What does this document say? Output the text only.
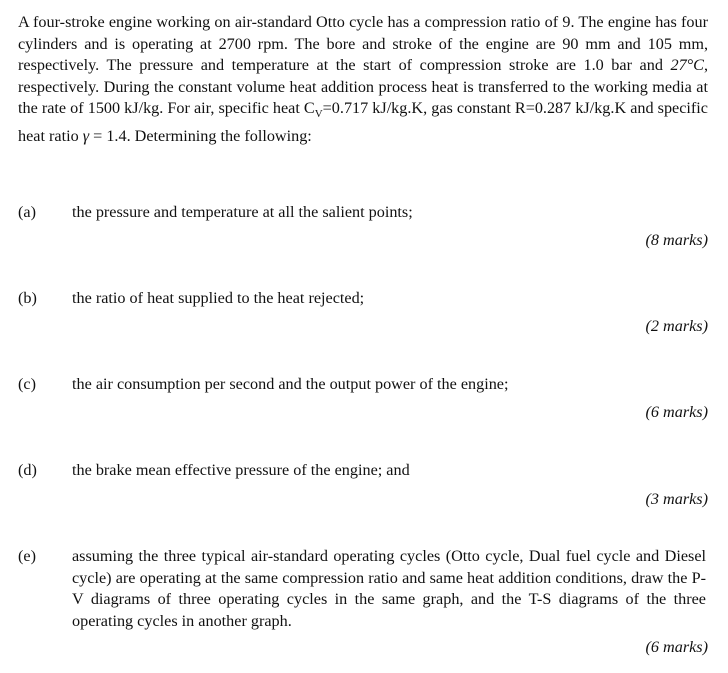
A four-stroke engine working on air-standard Otto cycle has a compression ratio of 9. The engine has four cylinders and is operating at 2700 rpm. The bore and stroke of the engine are 90 mm and 105 mm, respectively. The pressure and temperature at the start of compression stroke are 1.0 bar and 27°C, respectively. During the constant volume heat addition process heat is transferred to the working media at the rate of 1500 kJ/kg. For air, specific heat $C_V=0.717$ kJ/kg.K, gas constant R=0.287 kJ/kg.K and specific heat ratio γ = 1.4. Determining the following:
(a) the pressure and temperature at all the salient points;
(8 marks)
(b) the ratio of heat supplied to the heat rejected;
(2 marks)
(c) the air consumption per second and the output power of the engine;
(6 marks)
(d) the brake mean effective pressure of the engine; and
(3 marks)
(e) assuming the three typical air-standard operating cycles (Otto cycle, Dual fuel cycle and Diesel cycle) are operating at the same compression ratio and same heat addition conditions, draw the P-V diagrams of three operating cycles in the same graph, and the T-S diagrams of the three operating cycles in another graph.
(6 marks)
